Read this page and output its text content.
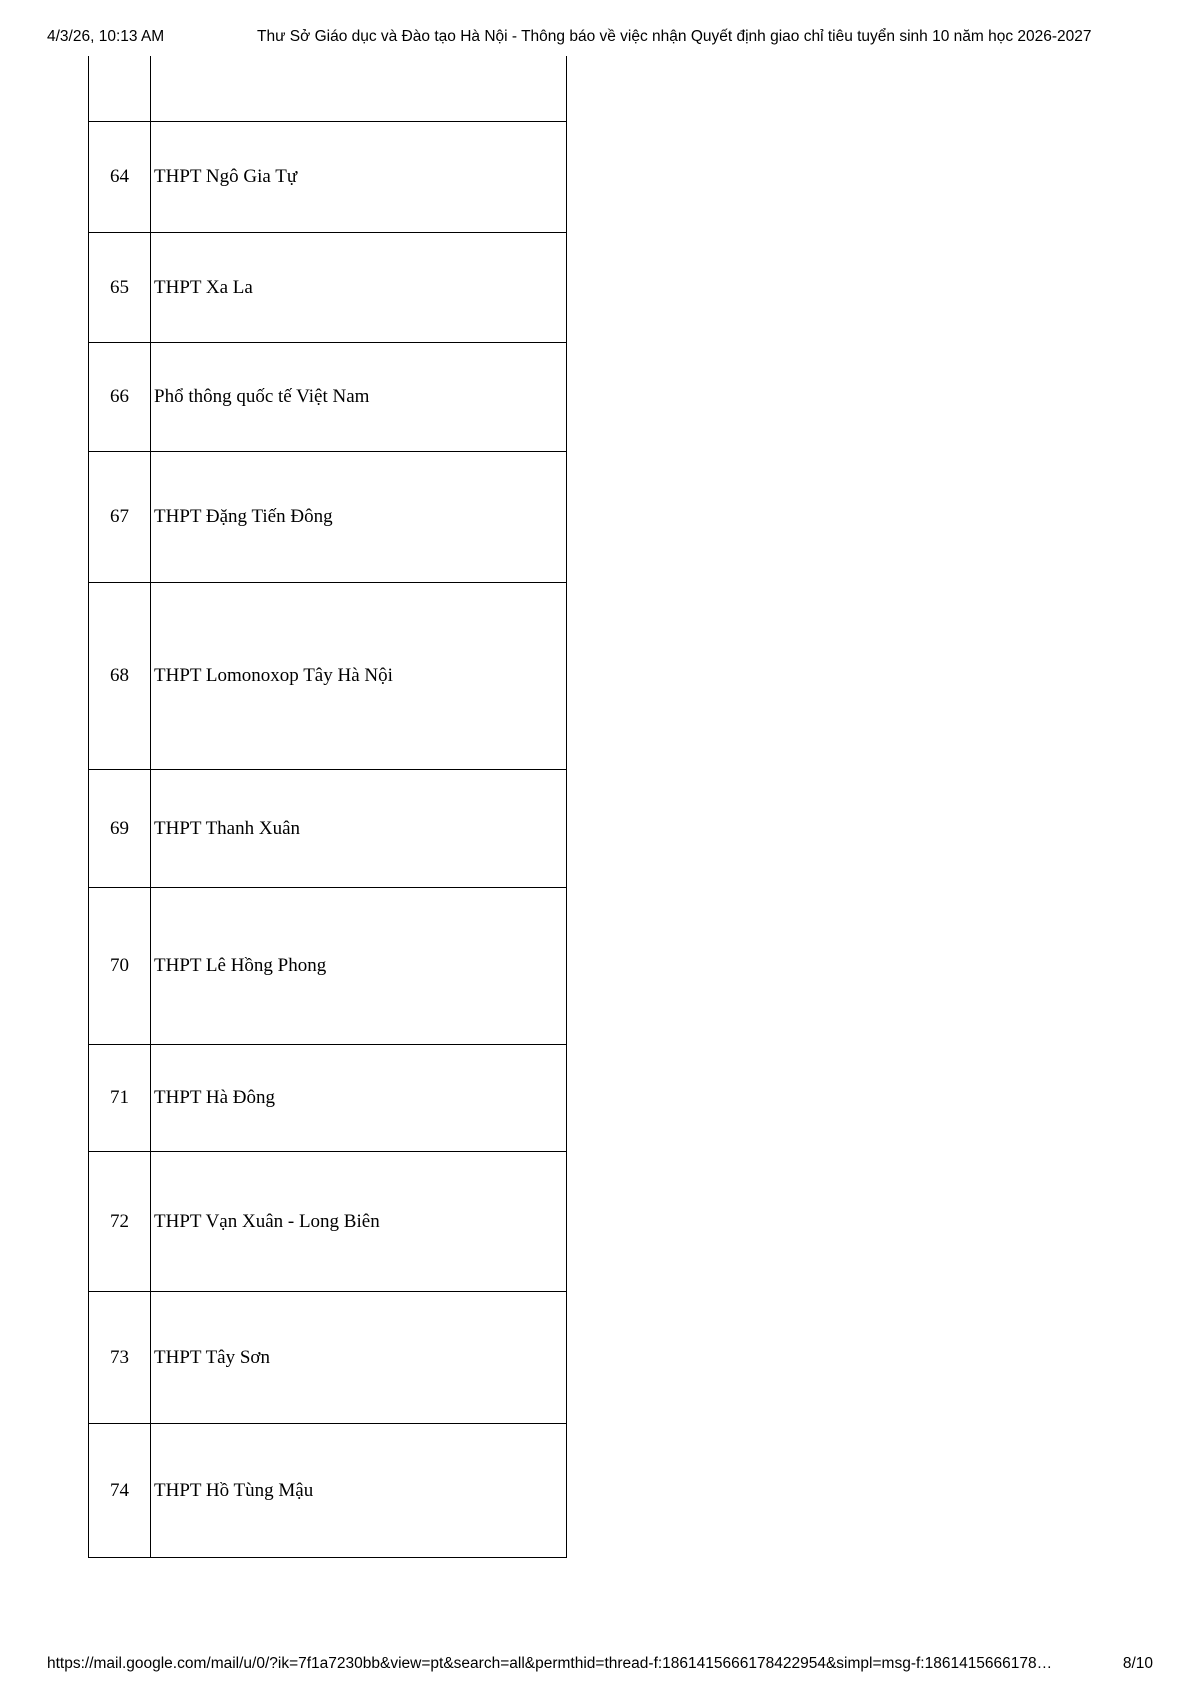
4/3/26, 10:13 AM	Thư Sở Giáo dục và Đào tạo Hà Nội - Thông báo về việc nhận Quyết định giao chỉ tiêu tuyển sinh 10 năm học 2026-2027
64	THPT Ngô Gia Tự
65	THPT Xa La
66	Phổ thông quốc tế Việt Nam
67	THPT Đặng Tiến Đông
68	THPT Lomonoxop Tây Hà Nội
69	THPT Thanh Xuân
70	THPT Lê Hồng Phong
71	THPT Hà Đông
72	THPT Vạn Xuân - Long Biên
73	THPT Tây Sơn
74	THPT Hồ Tùng Mậu
https://mail.google.com/mail/u/0/?ik=7f1a7230bb&view=pt&search=all&permthid=thread-f:1861415666178422954&simpl=msg-f:1861415666178…	8/10
